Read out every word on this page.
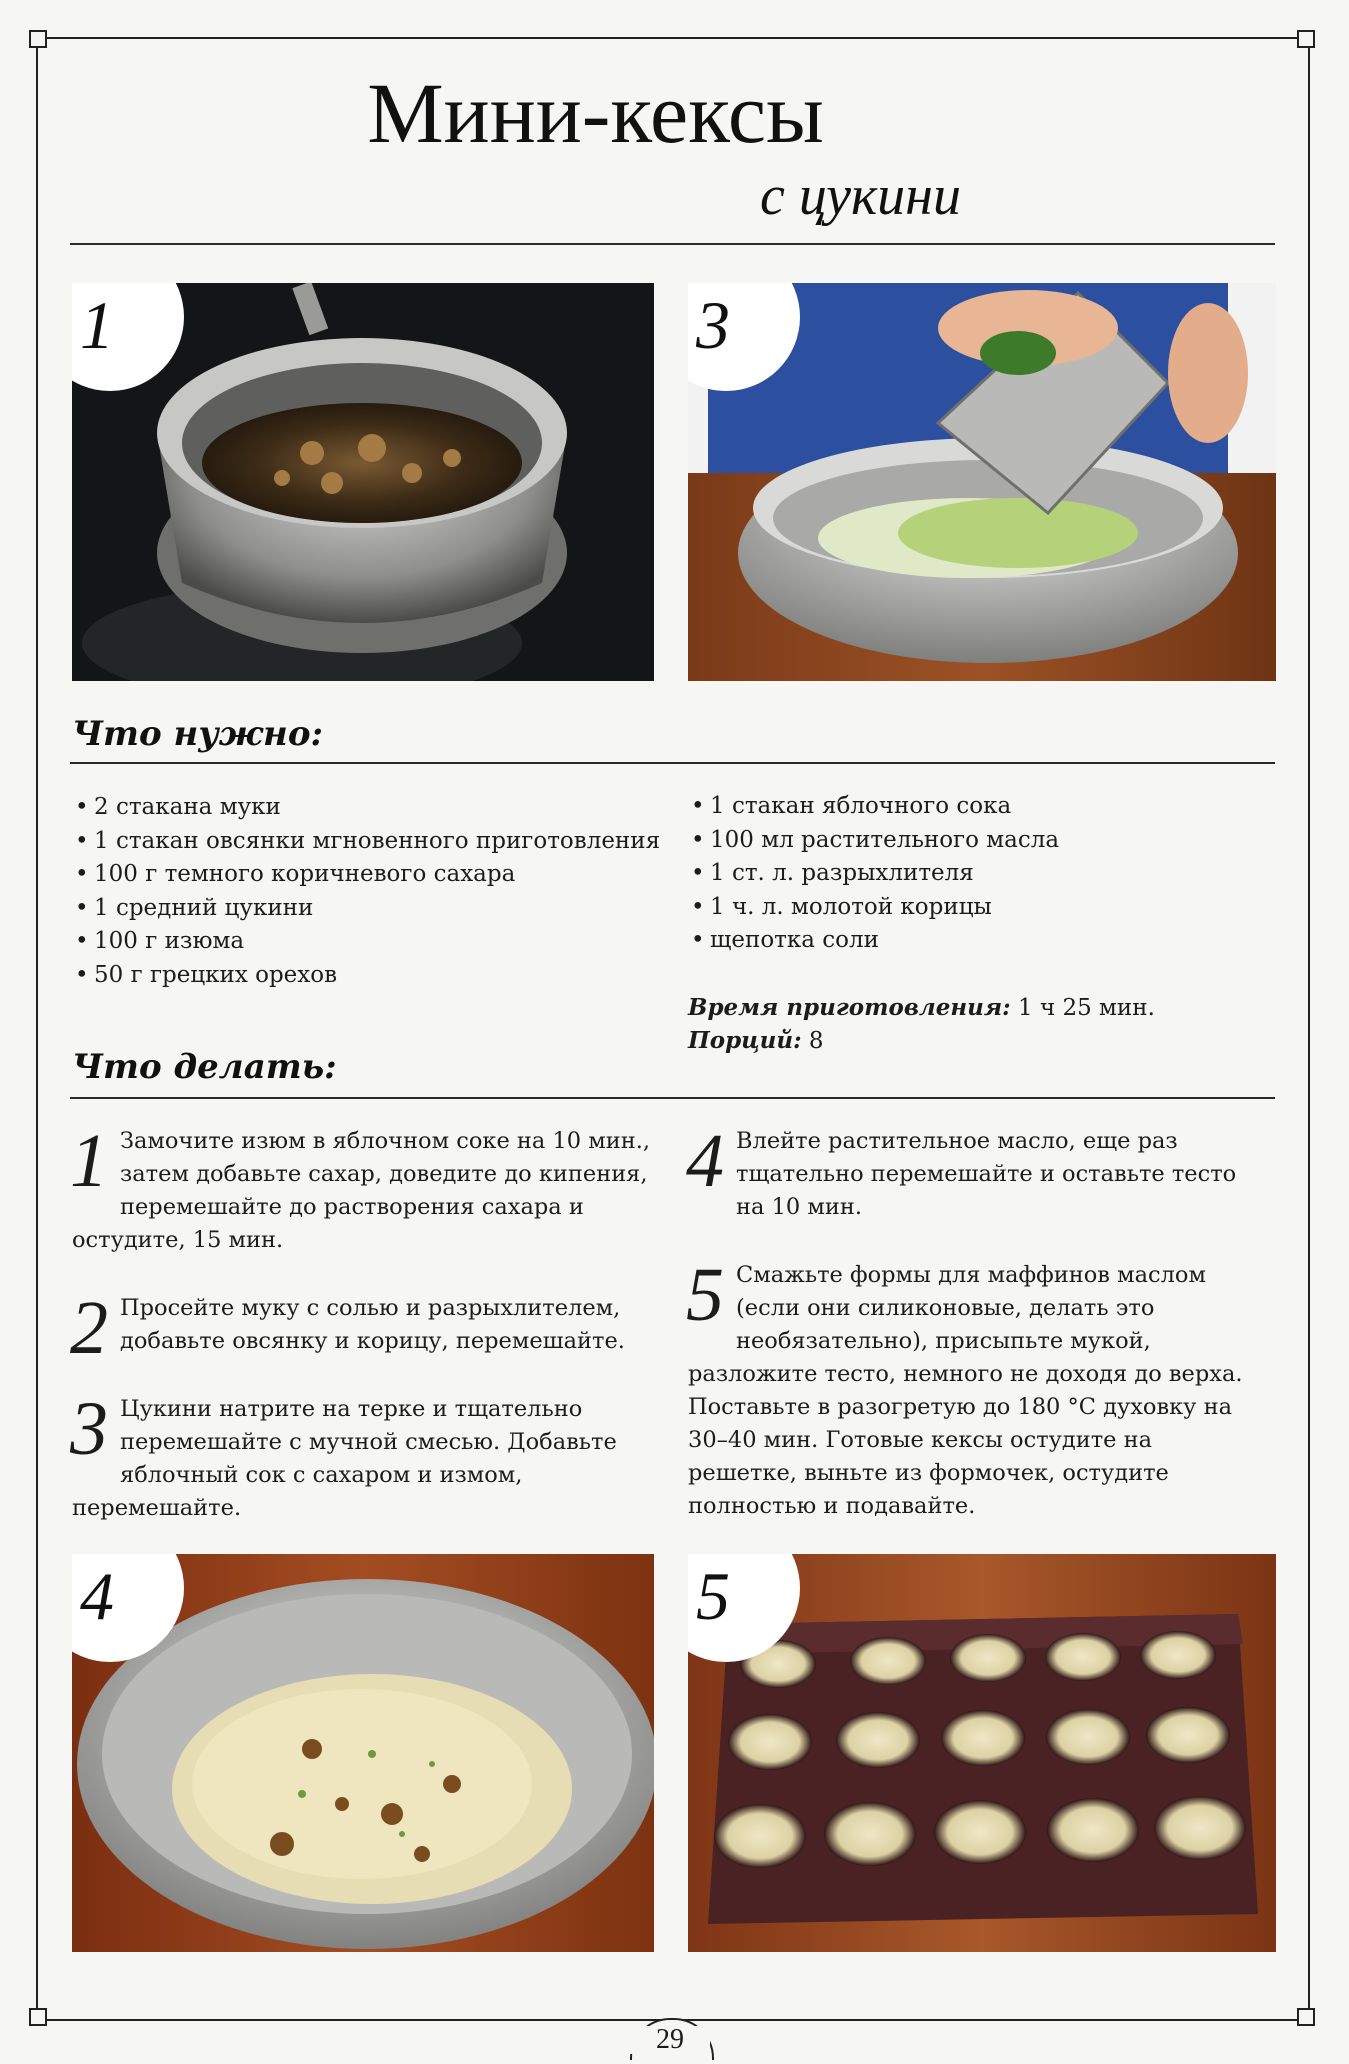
Мини-кексы
с цукини
1	3
Что нужно:
• 2 стакана муки
• 1 стакан овсянки мгновенного приготовления
• 100 г темного коричневого сахара
• 1 средний цукини
• 100 г изюма
• 50 г грецких орехов
• 1 стакан яблочного сока
• 100 мл растительного масла
• 1 ст. л. разрыхлителя
• 1 ч. л. молотой корицы
• щепотка соли
Время приготовления: 1 ч 25 мин.
Порций: 8
Что делать:
1 Замочите изюм в яблочном соке на 10 мин., затем добавьте сахар, доведите до кипения, перемешайте до растворения сахара и остудите, 15 мин.
2 Просейте муку с солью и разрыхлителем, добавьте овсянку и корицу, перемешайте.
3 Цукини натрите на терке и тщательно перемешайте с мучной смесью. Добавьте яблочный сок с сахаром и измом, перемешайте.
4 Влейте растительное масло, еще раз тщательно перемешайте и оставьте тесто на 10 мин.
5 Смажьте формы для маффинов маслом (если они силиконовые, делать это необязательно), присыпьте мукой, разложите тесто, немного не доходя до верха. Поставьте в разогретую до 180 °С духовку на 30–40 мин. Готовые кексы остудите на решетке, выньте из формочек, остудите полностью и подавайте.
4	5
29
